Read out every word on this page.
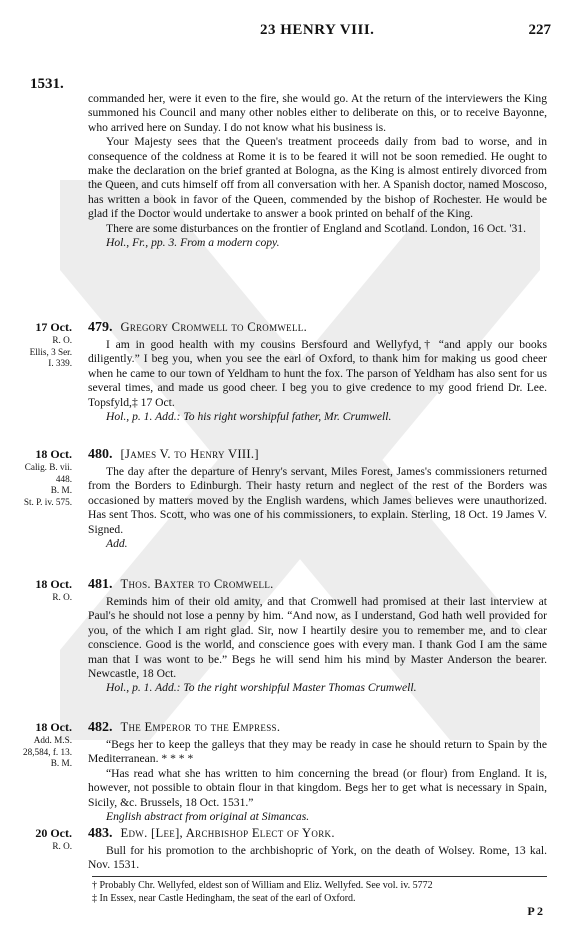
23 HENRY VIII.	227
1531.

commanded her, were it even to the fire, she would go. At the return of the interviewers the King summoned his Council and many other nobles either to deliberate on this, or to receive Bayonne, who arrived here on Sunday. I do not know what his business is.

Your Majesty sees that the Queen's treatment proceeds daily from bad to worse, and in consequence of the coldness at Rome it is to be feared it will not be soon remedied. He ought to make the declaration on the brief granted at Bologna, as the King is almost entirely divorced from the Queen, and cuts himself off from all conversation with her. A Spanish doctor, named Moscoso, has written a book in favor of the Queen, commended by the bishop of Rochester. He would be glad if the Doctor would undertake to answer a book printed on behalf of the King.

There are some disturbances on the frontier of England and Scotland. London, 16 Oct. '31.

Hol., Fr., pp. 3. From a modern copy.

17 Oct.
R. O.
Ellis, 3 Ser.
I. 339.
479. Gregory Cromwell to Cromwell.

I am in good health with my cousins Bersfourd and Wellyfyd,† “and apply our books diligently.” I beg you, when you see the earl of Oxford, to thank him for making us good cheer when he came to our town of Yeldham to hunt the fox. The parson of Yeldham has also sent for us several times, and made us good cheer. I beg you to give credence to my good friend Dr. Lee. Topsfyld,‡ 17 Oct.

Hol., p. 1. Add.: To his right worshipful father, Mr. Crumwell.

18 Oct.
Calig. B. vii.
448.
B. M.
St. P. iv. 575.
480. [James V. to Henry VIII.]

The day after the departure of Henry's servant, Miles Forest, James's commissioners returned from the Borders to Edinburgh. Their hasty return and neglect of the rest of the Borders was occasioned by matters moved by the English wardens, which James believes were unauthorized. Has sent Thos. Scott, who was one of his commissioners, to explain. Sterling, 18 Oct. 19 James V. Signed.

Add.

18 Oct.
R. O.
481. Thos. Baxter to Cromwell.

Reminds him of their old amity, and that Cromwell had promised at their last interview at Paul's he should not lose a penny by him. “And now, as I understand, God hath well provided for you, of the which I am right glad. Sir, now I heartily desire you to remember me, and to clear conscience. Good is the world, and conscience goes with every man. I thank God I am the same man that I was wont to be.” Begs he will send him his mind by Master Anderson the bearer. Newcastle, 18 Oct.

Hol., p. 1. Add.: To the right worshipful Master Thomas Crumwell.

18 Oct.
Add. M.S.
28,584, f. 13.
B. M.
482. The Emperor to the Empress.

“Begs her to keep the galleys that they may be ready in case he should return to Spain by the Mediterranean. * * * *

“Has read what she has written to him concerning the bread (or flour) from England. It is, however, not possible to obtain flour in that kingdom. Begs her to get what is necessary in Spain, Sicily, &c. Brussels, 18 Oct. 1531.”

English abstract from original at Simancas.

20 Oct.
R. O.
483. Edw. [Lee], Archbishop Elect of York.

Bull for his promotion to the archbishopric of York, on the death of Wolsey. Rome, 13 kal. Nov. 1531.

† Probably Chr. Wellyfed, eldest son of William and Eliz. Wellyfed. See vol. iv. 5772
‡ In Essex, near Castle Hedingham, the seat of the earl of Oxford.
P 2
